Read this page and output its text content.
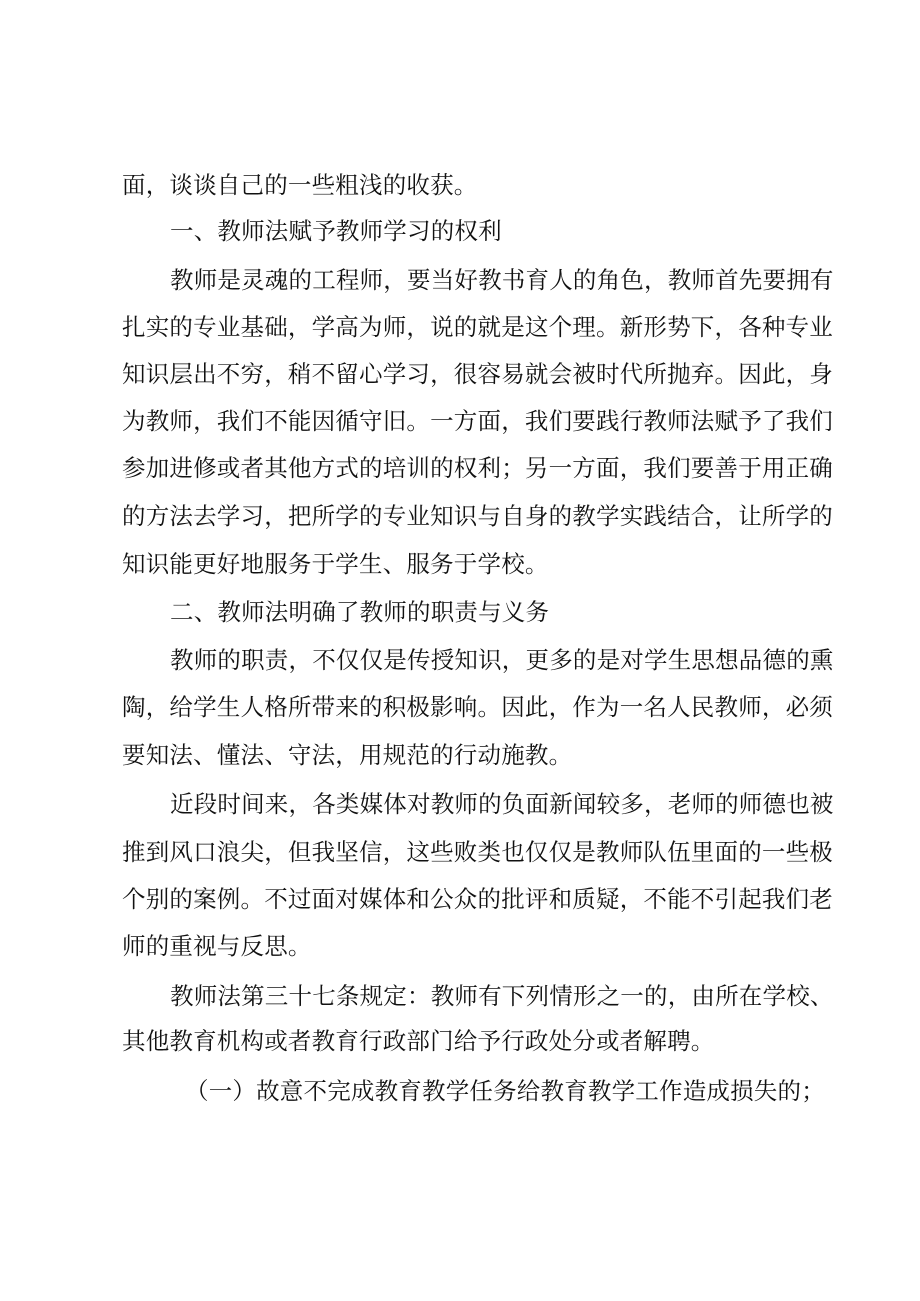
面，谈谈自己的一些粗浅的收获。
一、教师法赋予教师学习的权利
教师是灵魂的工程师，要当好教书育人的角色，教师首先要拥有
扎实的专业基础，学高为师，说的就是这个理。新形势下，各种专业
知识层出不穷，稍不留心学习，很容易就会被时代所抛弃。因此，身
为教师，我们不能因循守旧。一方面，我们要践行教师法赋予了我们
参加进修或者其他方式的培训的权利；另一方面，我们要善于用正确
的方法去学习，把所学的专业知识与自身的教学实践结合，让所学的
知识能更好地服务于学生、服务于学校。
二、教师法明确了教师的职责与义务
教师的职责，不仅仅是传授知识，更多的是对学生思想品德的熏
陶，给学生人格所带来的积极影响。因此，作为一名人民教师，必须
要知法、懂法、守法，用规范的行动施教。
近段时间来，各类媒体对教师的负面新闻较多，老师的师德也被
推到风口浪尖，但我坚信，这些败类也仅仅是教师队伍里面的一些极
个别的案例。不过面对媒体和公众的批评和质疑，不能不引起我们老
师的重视与反思。
教师法第三十七条规定：教师有下列情形之一的，由所在学校、
其他教育机构或者教育行政部门给予行政处分或者解聘。
（一）故意不完成教育教学任务给教育教学工作造成损失的；
